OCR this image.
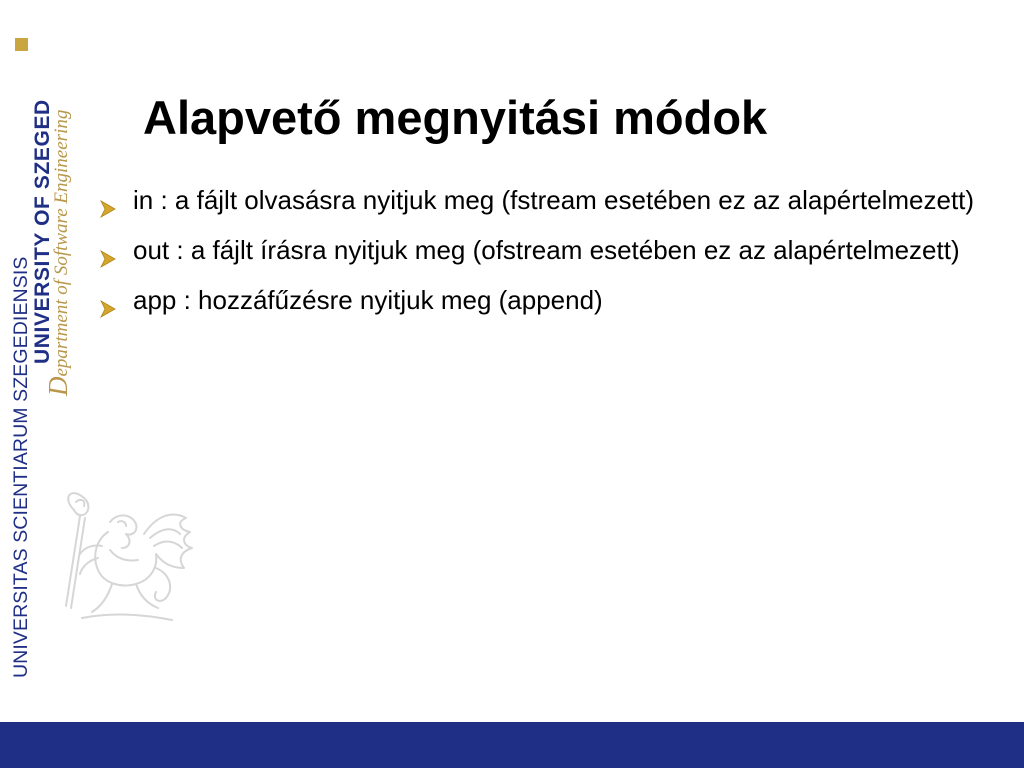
UNIVERSITAS SCIENTIARUM SZEGEDIENSIS
UNIVERSITY OF SZEGED
Department of Software Engineering Alapvető megnyitási módok
in : a fájlt olvasásra nyitjuk meg (fstream esetében ez az alapértelmezett)
out : a fájlt írásra nyitjuk meg (ofstream esetében ez az alapértelmezett)
app : hozzáfűzésre nyitjuk meg (append)
